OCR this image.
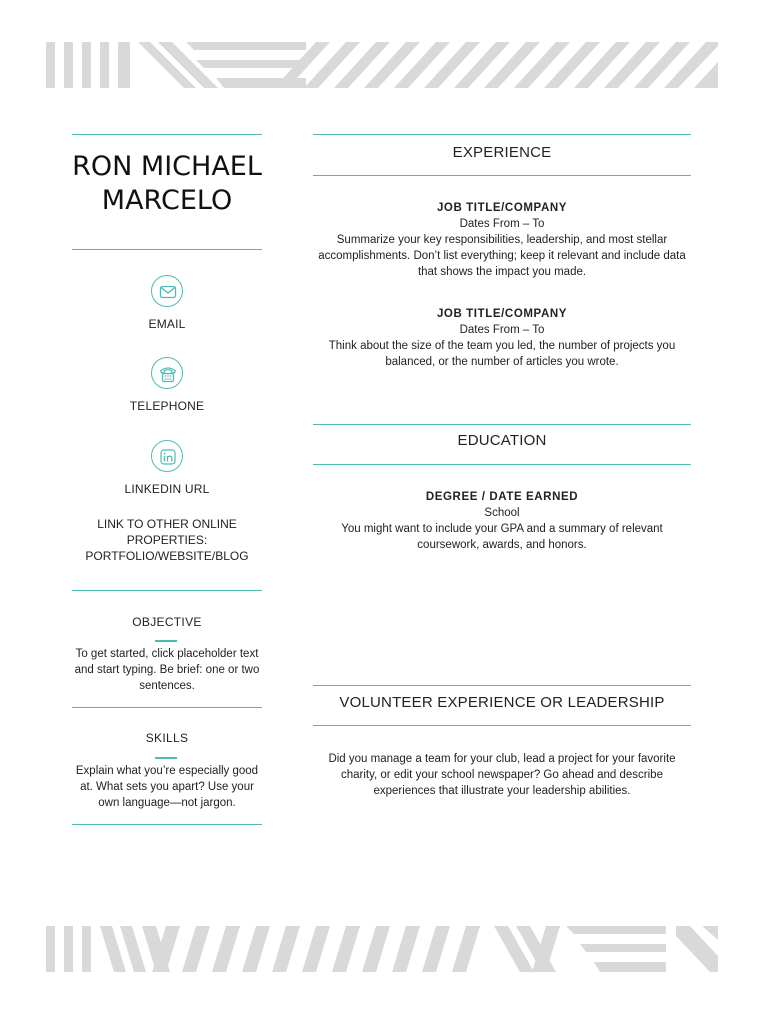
RON MICHAEL MARCELO
EMAIL
TELEPHONE
LINKEDIN URL
LINK TO OTHER ONLINE PROPERTIES: PORTFOLIO/WEBSITE/BLOG
OBJECTIVE
To get started, click placeholder text and start typing. Be brief: one or two sentences.
SKILLS
Explain what you’re especially good at. What sets you apart? Use your own language—not jargon.
EXPERIENCE
JOB TITLE/COMPANY
Dates From – To
Summarize your key responsibilities, leadership, and most stellar accomplishments. Don’t list everything; keep it relevant and include data that shows the impact you made.
JOB TITLE/COMPANY
Dates From – To
Think about the size of the team you led, the number of projects you balanced, or the number of articles you wrote.
EDUCATION
DEGREE / DATE EARNED
School
You might want to include your GPA and a summary of relevant coursework, awards, and honors.
VOLUNTEER EXPERIENCE OR LEADERSHIP
Did you manage a team for your club, lead a project for your favorite charity, or edit your school newspaper? Go ahead and describe experiences that illustrate your leadership abilities.
